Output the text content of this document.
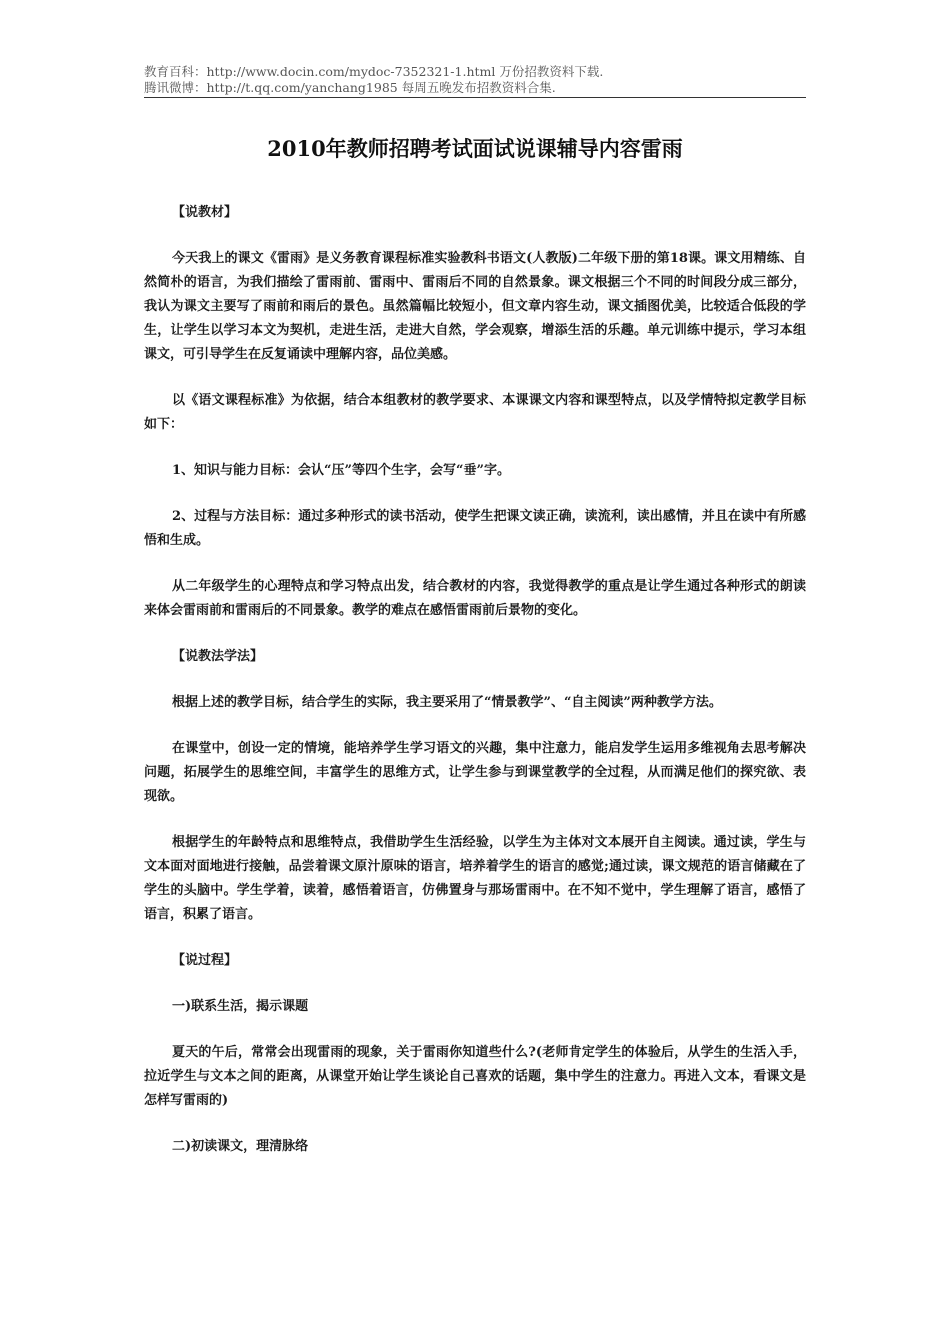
教育百科：http://www.docin.com/mydoc-7352321-1.html 万份招教资料下载.
腾讯微博：http://t.qq.com/yanchang1985 每周五晚发布招教资料合集.
2010年教师招聘考试面试说课辅导内容雷雨

【说教材】

今天我上的课文《雷雨》是义务教育课程标准实验教科书语文(人教版)二年级下册的第18课。课文用精练、自然简朴的语言，为我们描绘了雷雨前、雷雨中、雷雨后不同的自然景象。课文根据三个不同的时间段分成三部分，我认为课文主要写了雨前和雨后的景色。虽然篇幅比较短小，但文章内容生动，课文插图优美，比较适合低段的学生，让学生以学习本文为契机，走进生活，走进大自然，学会观察，增添生活的乐趣。单元训练中提示，学习本组课文，可引导学生在反复诵读中理解内容，品位美感。

以《语文课程标准》为依据，结合本组教材的教学要求、本课课文内容和课型特点，以及学情特拟定教学目标如下：

1、知识与能力目标：会认“压”等四个生字，会写“垂”字。

2、过程与方法目标：通过多种形式的读书活动，使学生把课文读正确，读流利，读出感情，并且在读中有所感悟和生成。

从二年级学生的心理特点和学习特点出发，结合教材的内容，我觉得教学的重点是让学生通过各种形式的朗读来体会雷雨前和雷雨后的不同景象。教学的难点在感悟雷雨前后景物的变化。

【说教法学法】

根据上述的教学目标，结合学生的实际，我主要采用了“情景教学”、“自主阅读”两种教学方法。

在课堂中，创设一定的情境，能培养学生学习语文的兴趣，集中注意力，能启发学生运用多维视角去思考解决问题，拓展学生的思维空间，丰富学生的思维方式，让学生参与到课堂教学的全过程，从而满足他们的探究欲、表现欲。

根据学生的年龄特点和思维特点，我借助学生生活经验，以学生为主体对文本展开自主阅读。通过读，学生与文本面对面地进行接触，品尝着课文原汁原味的语言，培养着学生的语言的感觉;通过读，课文规范的语言储藏在了学生的头脑中。学生学着，读着，感悟着语言，仿佛置身与那场雷雨中。在不知不觉中，学生理解了语言，感悟了语言，积累了语言。

【说过程】

一)联系生活，揭示课题

夏天的午后，常常会出现雷雨的现象，关于雷雨你知道些什么?(老师肯定学生的体验后，从学生的生活入手，拉近学生与文本之间的距离，从课堂开始让学生谈论自己喜欢的话题，集中学生的注意力。再进入文本，看课文是怎样写雷雨的)

二)初读课文，理清脉络
